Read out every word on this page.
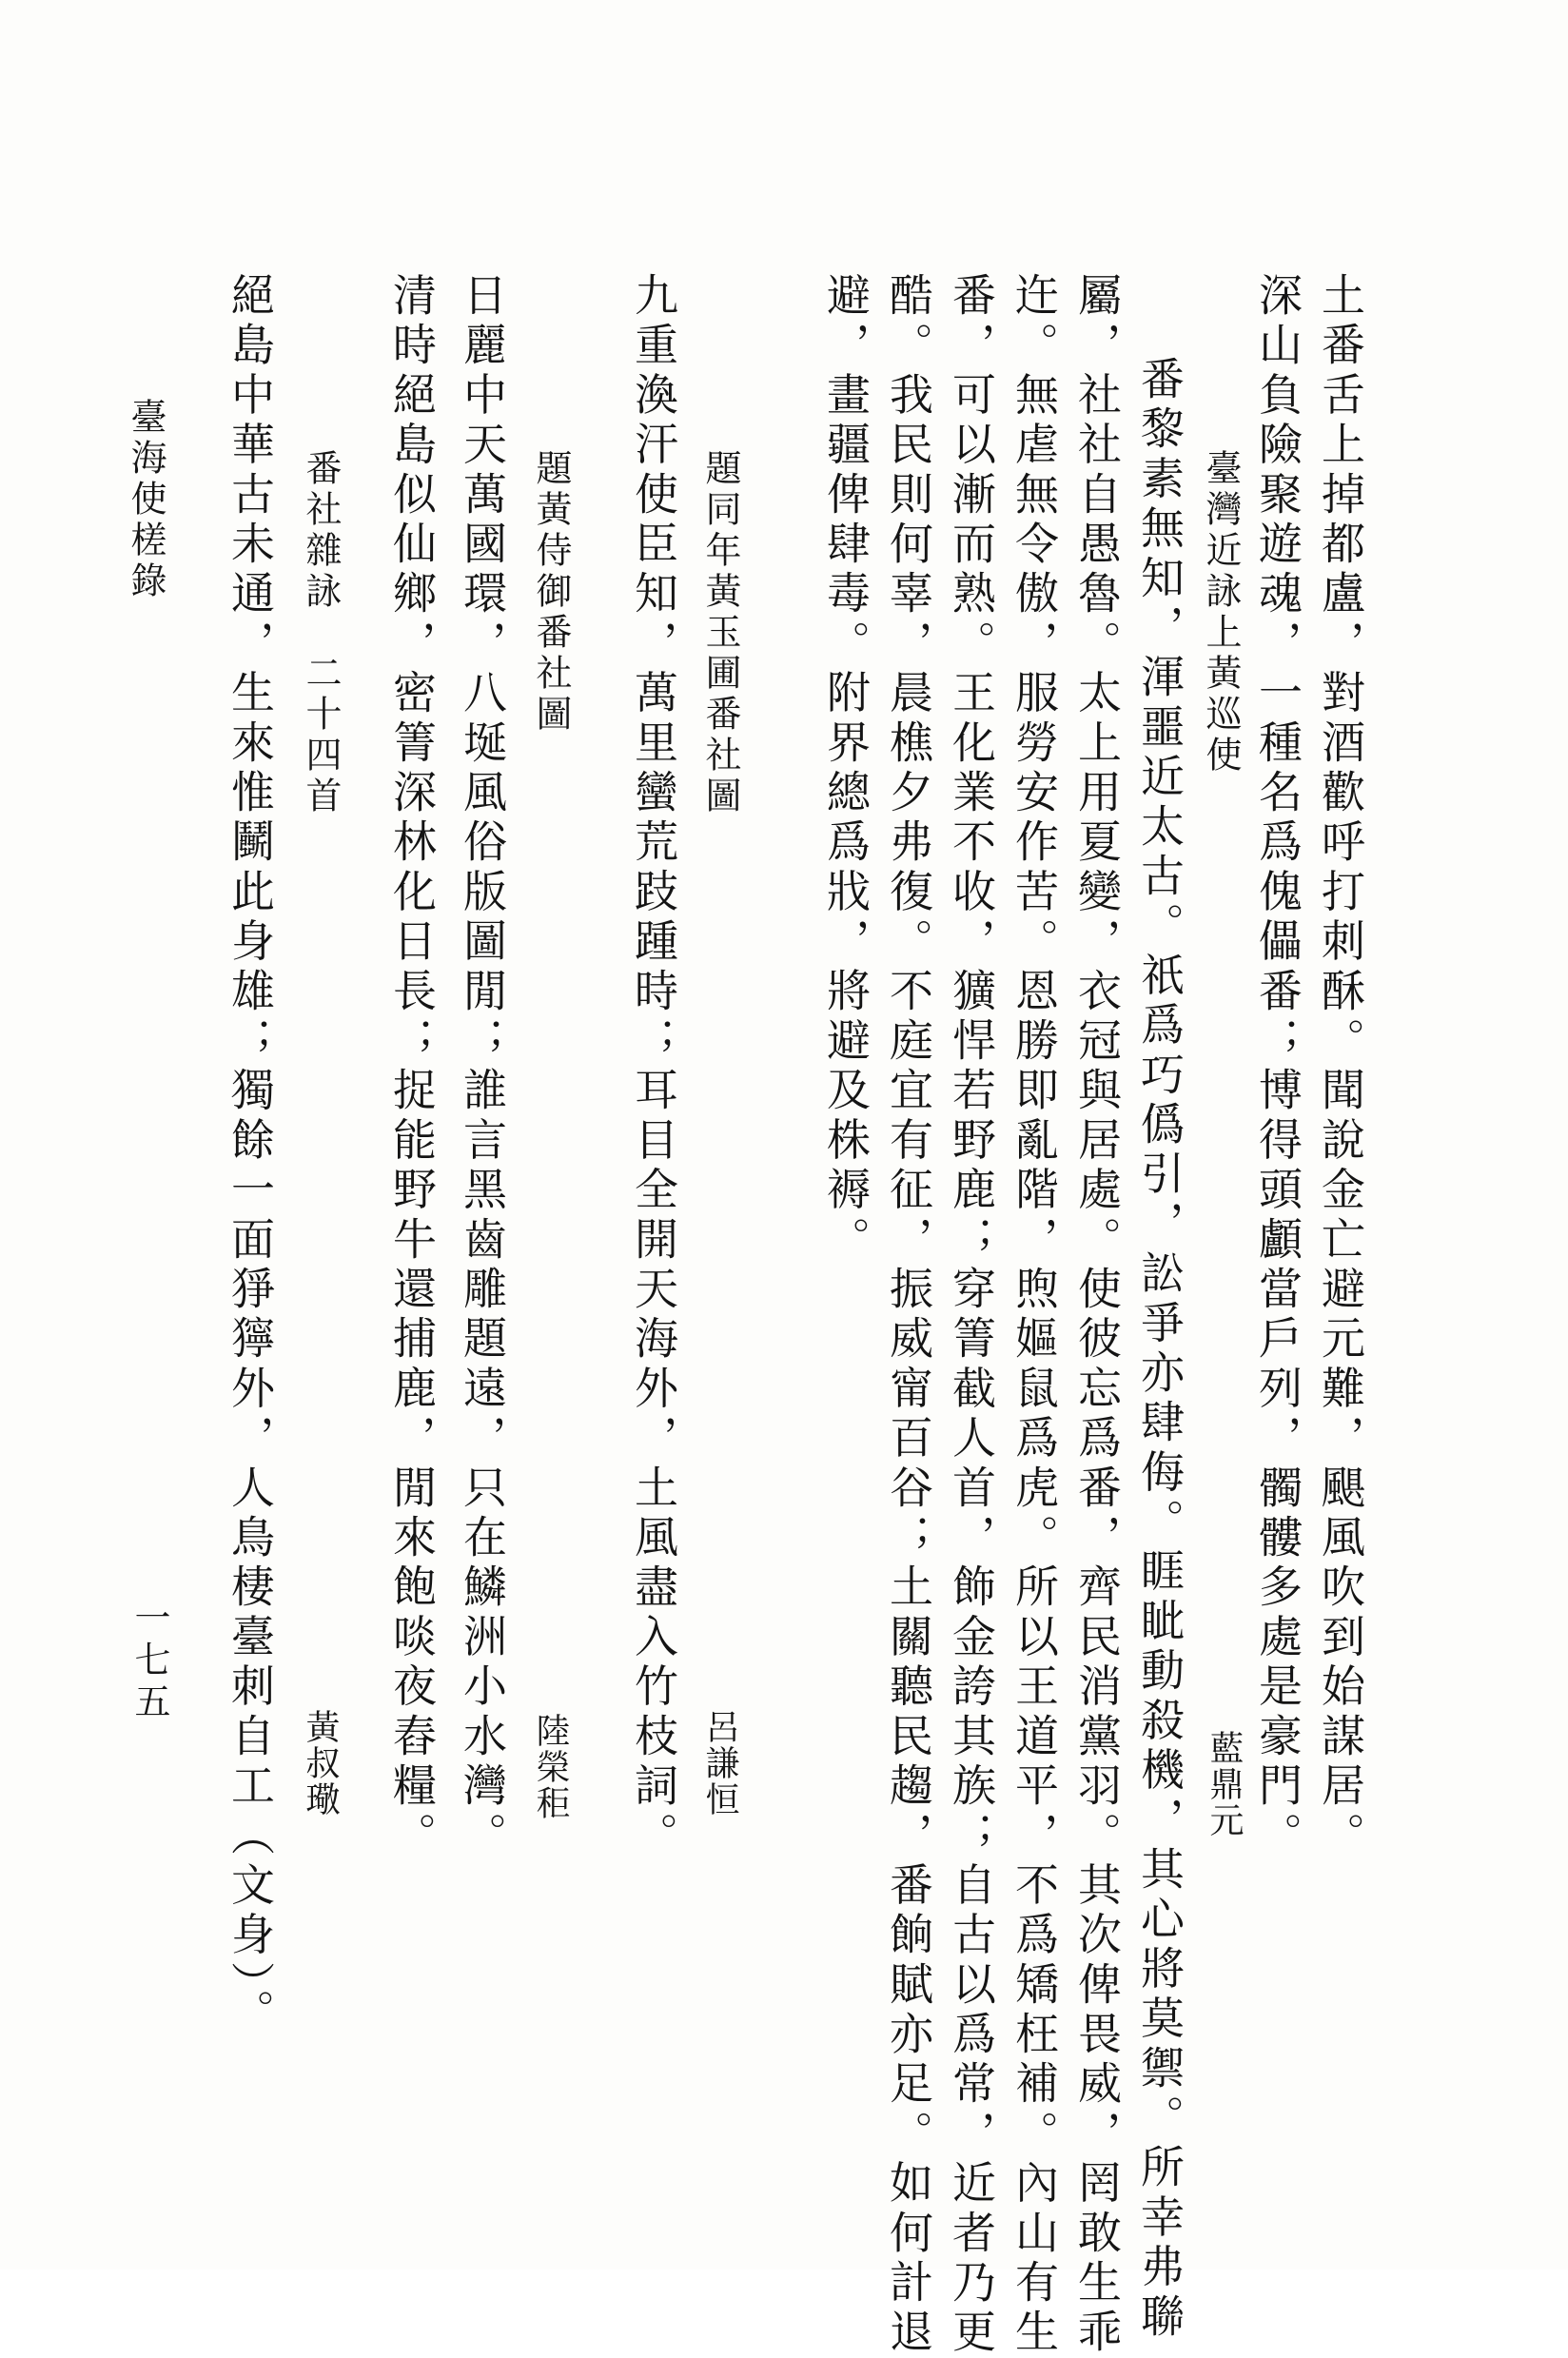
土番舌上掉都盧，對酒歡呼打刺酥。聞說金亡避元難，颶風吹到始謀居。
深山負險聚遊魂，一種名爲傀儡番；博得頭顱當戶列，髑髏多處是豪門。
臺灣近詠上黃巡使
藍鼎元
番黎素無知，渾噩近太古。祇爲巧僞引，訟爭亦肆侮。睚眦動殺機，其心將莫禦。所幸弗聯
屬，社社自愚魯。太上用夏變，衣冠與居處。使彼忘爲番，齊民消黨羽。其次俾畏威，罔敢生乖
迕。無虐無令傲，服勞安作苦。恩勝即亂階，煦嫗鼠爲虎。所以王道平，不爲矯枉補。內山有生
番，可以漸而熟。王化業不收，獷悍若野鹿；穿箐截人首，飾金誇其族；自古以爲常，近者乃更
酷。我民則何辜，晨樵夕弗復。不庭宜有征，振威甯百谷；土關聽民趨，番餉賦亦足。如何計退
避，畫疆俾肆毒。附界總爲戕，將避及株褥。
題同年黃玉圃番社圖
呂謙恒
九重渙汗使臣知，萬里蠻荒跂踵時；耳目全開天海外，土風盡入竹枝詞。
題黃侍御番社圖
陸榮秬
日麗中天萬國環，八埏風俗版圖閒；誰言黑齒雕題遠，只在鱗洲小水灣。
清時絕島似仙鄉，密箐深林化日長；捉能野牛還捕鹿，閒來飽啖夜舂糧。
番社雜詠　二十四首
黃叔璥
絕島中華古未通，生來惟鬭此身雄；獨餘一面猙獰外，人鳥棲臺刺自工（文身）。
臺海使槎錄
一七五
